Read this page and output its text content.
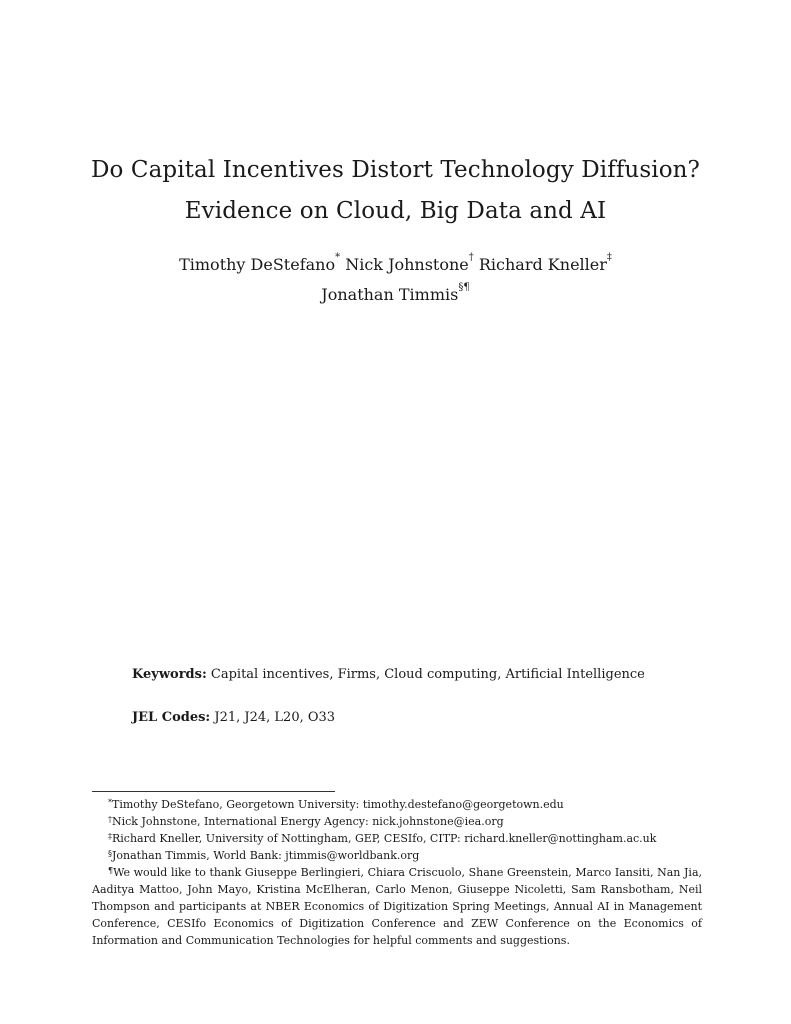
Do Capital Incentives Distort Technology Diffusion?
Evidence on Cloud, Big Data and AI
Timothy DeStefano* Nick Johnstone† Richard Kneller‡
Jonathan Timmis§¶
Keywords: Capital incentives, Firms, Cloud computing, Artificial Intelligence
JEL Codes: J21, J24, L20, O33
*Timothy DeStefano, Georgetown University: timothy.destefano@georgetown.edu
†Nick Johnstone, International Energy Agency: nick.johnstone@iea.org
‡Richard Kneller, University of Nottingham, GEP, CESIfo, CITP: richard.kneller@nottingham.ac.uk
§Jonathan Timmis, World Bank: jtimmis@worldbank.org
¶We would like to thank Giuseppe Berlingieri, Chiara Criscuolo, Shane Greenstein, Marco Iansiti, Nan Jia, Aaditya Mattoo, John Mayo, Kristina McElheran, Carlo Menon, Giuseppe Nicoletti, Sam Ransbotham, Neil Thompson and participants at NBER Economics of Digitization Spring Meetings, Annual AI in Management Conference, CESIfo Economics of Digitization Conference and ZEW Conference on the Economics of Information and Communication Technologies for helpful comments and suggestions.
